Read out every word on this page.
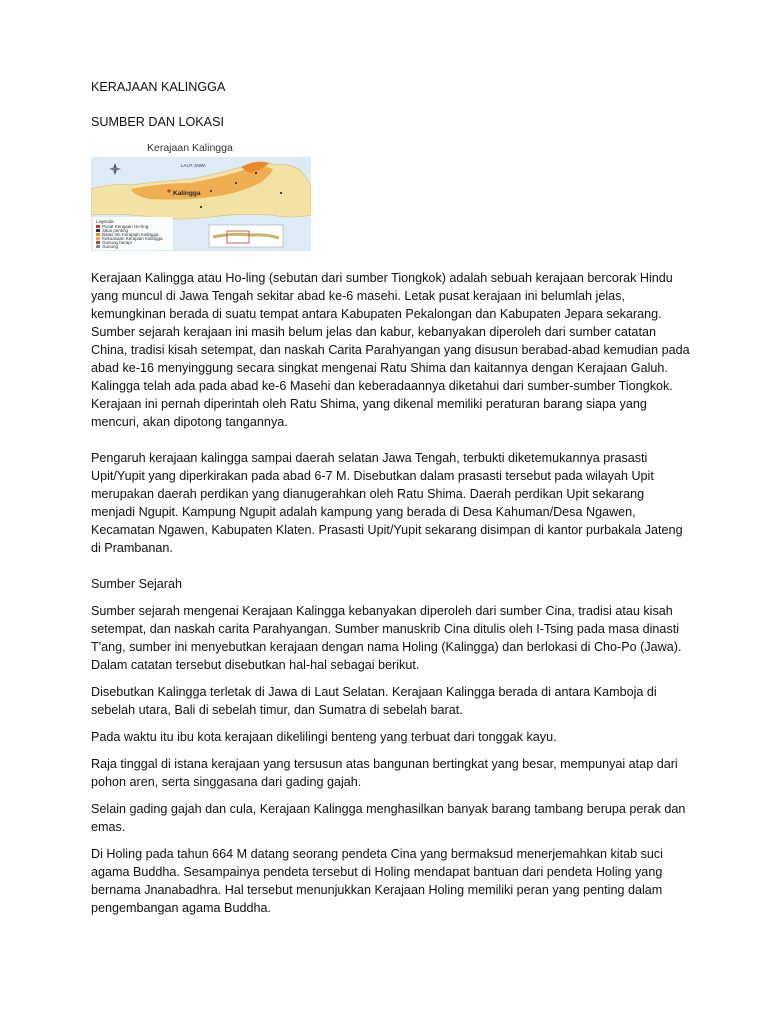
KERAJAAN KALINGGA

SUMBER DAN LOKASI

Kerajaan Kalingga
LAUT JAWA
Kalingga
Legenda
Pusat Kerajaan Ho-ling
Situs penting
Batas inti Kerajaan Kalingga
Kekuasaan Kerajaan Kalingga
Gunung berapi
Gunung

Kerajaan Kalingga atau Ho-ling (sebutan dari sumber Tiongkok) adalah sebuah kerajaan bercorak Hindu yang muncul di Jawa Tengah sekitar abad ke-6 masehi. Letak pusat kerajaan ini belumlah jelas, kemungkinan berada di suatu tempat antara Kabupaten Pekalongan dan Kabupaten Jepara sekarang. Sumber sejarah kerajaan ini masih belum jelas dan kabur, kebanyakan diperoleh dari sumber catatan China, tradisi kisah setempat, dan naskah Carita Parahyangan yang disusun berabad-abad kemudian pada abad ke-16 menyinggung secara singkat mengenai Ratu Shima dan kaitannya dengan Kerajaan Galuh. Kalingga telah ada pada abad ke-6 Masehi dan keberadaannya diketahui dari sumber-sumber Tiongkok. Kerajaan ini pernah diperintah oleh Ratu Shima, yang dikenal memiliki peraturan barang siapa yang mencuri, akan dipotong tangannya.

Pengaruh kerajaan kalingga sampai daerah selatan Jawa Tengah, terbukti diketemukannya prasasti Upit/Yupit yang diperkirakan pada abad 6-7 M. Disebutkan dalam prasasti tersebut pada wilayah Upit merupakan daerah perdikan yang dianugerahkan oleh Ratu Shima. Daerah perdikan Upit sekarang menjadi Ngupit. Kampung Ngupit adalah kampung yang berada di Desa Kahuman/Desa Ngawen, Kecamatan Ngawen, Kabupaten Klaten. Prasasti Upit/Yupit sekarang disimpan di kantor purbakala Jateng di Prambanan.

Sumber Sejarah

Sumber sejarah mengenai Kerajaan Kalingga kebanyakan diperoleh dari sumber Cina, tradisi atau kisah setempat, dan naskah carita Parahyangan. Sumber manuskrib Cina ditulis oleh I-Tsing pada masa dinasti T'ang, sumber ini menyebutkan kerajaan dengan nama Holing (Kalingga) dan berlokasi di Cho-Po (Jawa). Dalam catatan tersebut disebutkan hal-hal sebagai berikut.

Disebutkan Kalingga terletak di Jawa di Laut Selatan. Kerajaan Kalingga berada di antara Kamboja di sebelah utara, Bali di sebelah timur, dan Sumatra di sebelah barat.

Pada waktu itu ibu kota kerajaan dikelilingi benteng yang terbuat dari tonggak kayu.

Raja tinggal di istana kerajaan yang tersusun atas bangunan bertingkat yang besar, mempunyai atap dari pohon aren, serta singgasana dari gading gajah.

Selain gading gajah dan cula, Kerajaan Kalingga menghasilkan banyak barang tambang berupa perak dan emas.

Di Holing pada tahun 664 M datang seorang pendeta Cina yang bermaksud menerjemahkan kitab suci agama Buddha. Sesampainya pendeta tersebut di Holing mendapat bantuan dari pendeta Holing yang bernama Jnanabadhra. Hal tersebut menunjukkan Kerajaan Holing memiliki peran yang penting dalam pengembangan agama Buddha.
